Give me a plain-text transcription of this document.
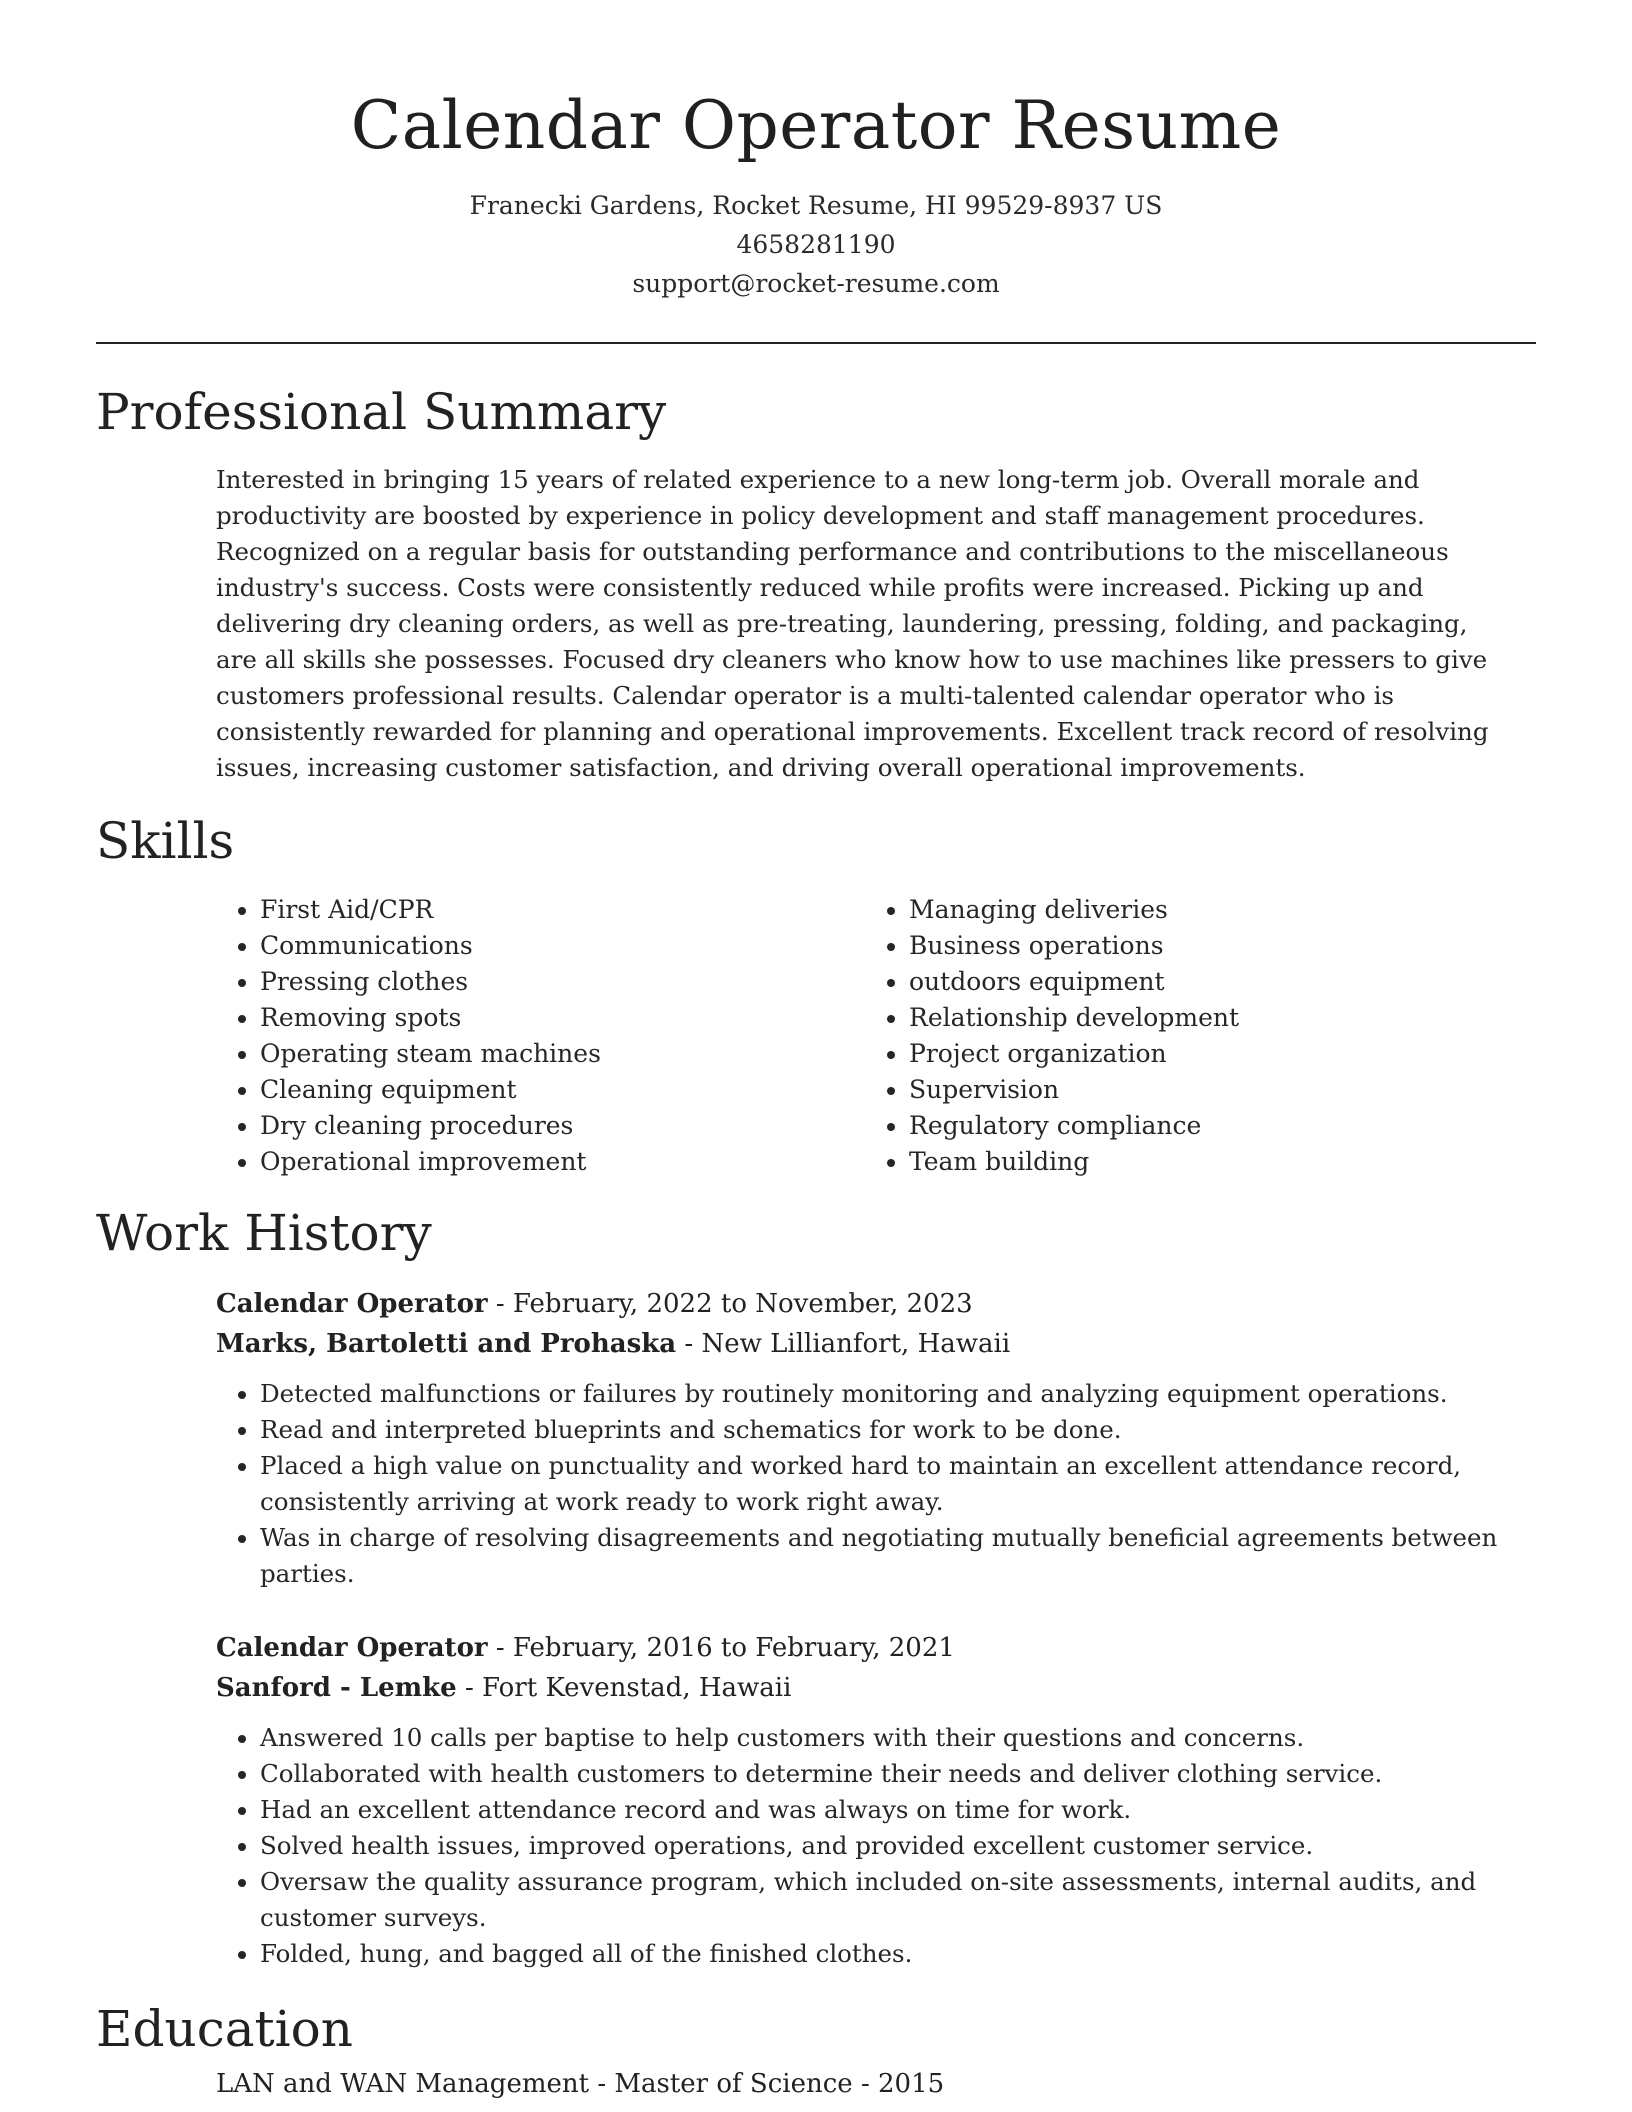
Calendar Operator Resume

Franecki Gardens, Rocket Resume, HI 99529-8937 US

4658281190

support@rocket-resume.com

Professional Summary

Interested in bringing 15 years of related experience to a new long-term job. Overall morale and productivity are boosted by experience in policy development and staff management procedures. Recognized on a regular basis for outstanding performance and contributions to the miscellaneous industry's success. Costs were consistently reduced while profits were increased. Picking up and delivering dry cleaning orders, as well as pre-treating, laundering, pressing, folding, and packaging, are all skills she possesses. Focused dry cleaners who know how to use machines like pressers to give customers professional results. Calendar operator is a multi-talented calendar operator who is consistently rewarded for planning and operational improvements. Excellent track record of resolving issues, increasing customer satisfaction, and driving overall operational improvements.

Skills
• First Aid/CPR
• Communications
• Pressing clothes
• Removing spots
• Operating steam machines
• Cleaning equipment
• Dry cleaning procedures
• Operational improvement
• Managing deliveries
• Business operations
• outdoors equipment
• Relationship development
• Project organization
• Supervision
• Regulatory compliance
• Team building
Work History

Calendar Operator - February, 2022 to November, 2023

Marks, Bartoletti and Prohaska - New Lillianfort, Hawaii

• Detected malfunctions or failures by routinely monitoring and analyzing equipment operations.
• Read and interpreted blueprints and schematics for work to be done.
• Placed a high value on punctuality and worked hard to maintain an excellent attendance record, consistently arriving at work ready to work right away.
• Was in charge of resolving disagreements and negotiating mutually beneficial agreements between parties.

Calendar Operator - February, 2016 to February, 2021

Sanford - Lemke - Fort Kevenstad, Hawaii

• Answered 10 calls per baptise to help customers with their questions and concerns.
• Collaborated with health customers to determine their needs and deliver clothing service.
• Had an excellent attendance record and was always on time for work.
• Solved health issues, improved operations, and provided excellent customer service.
• Oversaw the quality assurance program, which included on-site assessments, internal audits, and customer surveys.
• Folded, hung, and bagged all of the finished clothes.
Education
LAN and WAN Management - Master of Science - 2015
